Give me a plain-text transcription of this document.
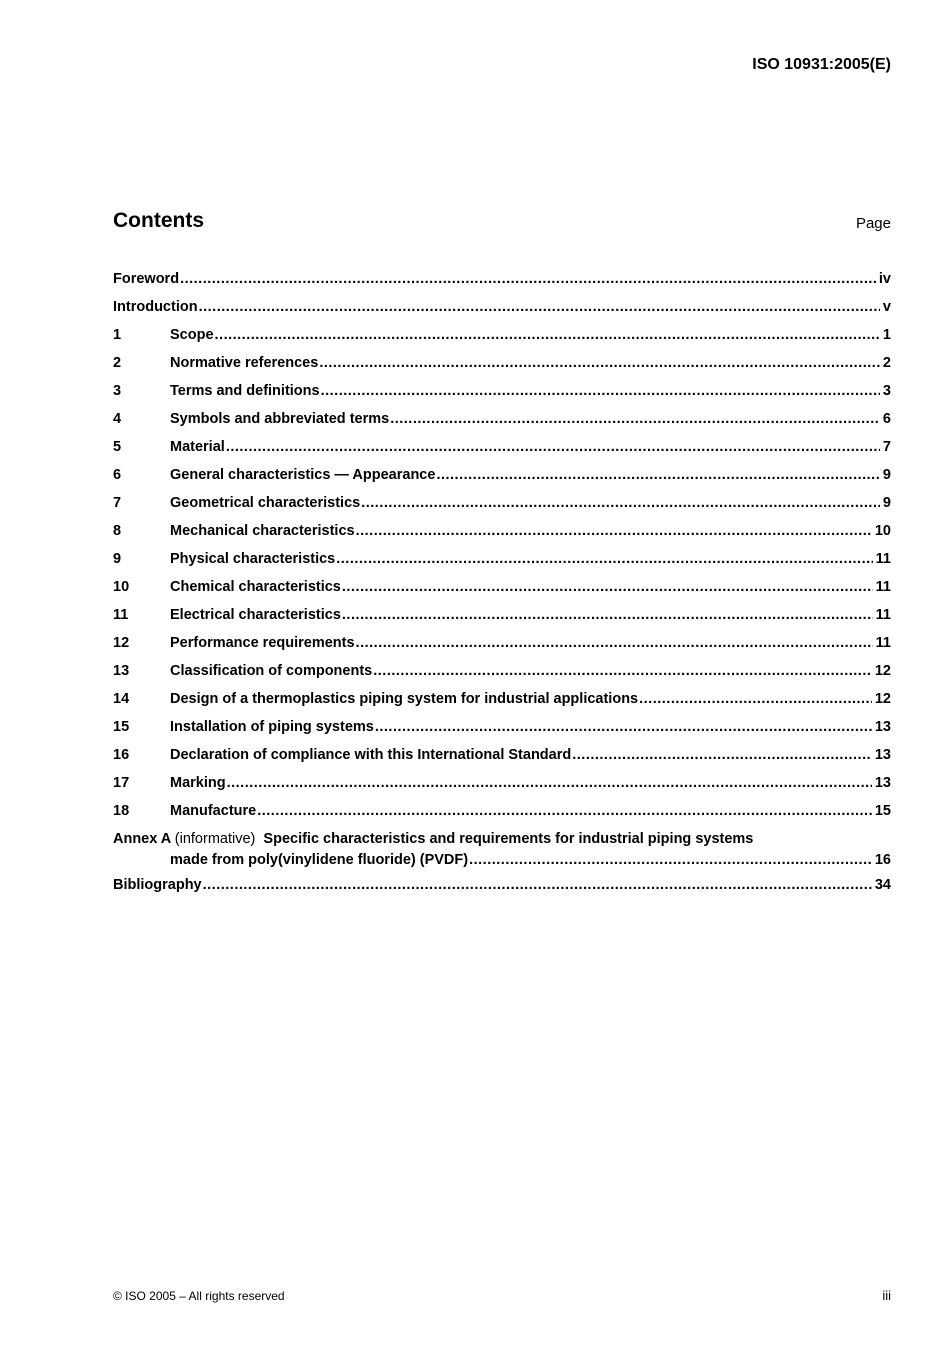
ISO 10931:2005(E)
Contents	Page
Foreword .....	iv
Introduction .....	v
1	Scope .....	1
2	Normative references .....	2
3	Terms and definitions .....	3
4	Symbols and abbreviated terms .....	6
5	Material .....	7
6	General characteristics — Appearance .....	9
7	Geometrical characteristics .....	9
8	Mechanical characteristics .....	10
9	Physical characteristics .....	11
10	Chemical characteristics .....	11
11	Electrical characteristics .....	11
12	Performance requirements .....	11
13	Classification of components .....	12
14	Design of a thermoplastics piping system for industrial applications .....	12
15	Installation of piping systems .....	13
16	Declaration of compliance with this International Standard .....	13
17	Marking .....	13
18	Manufacture .....	15
Annex A (informative) Specific characteristics and requirements for industrial piping systems
made from poly(vinylidene fluoride) (PVDF) .....	16
Bibliography .....	34
© ISO 2005 – All rights reserved	iii
